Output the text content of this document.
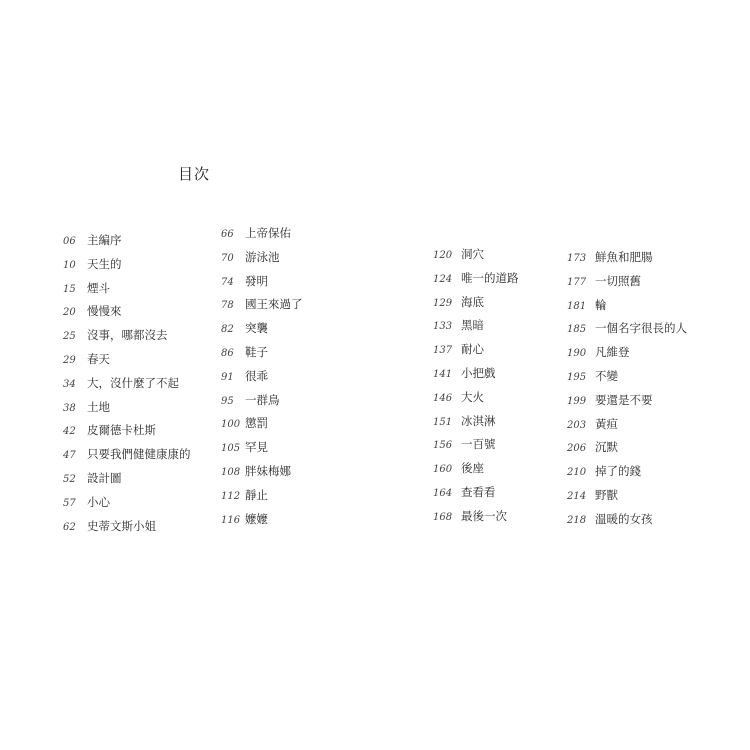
目次
06 主編序
10 天生的
15 煙斗
20 慢慢來
25 沒事，哪都沒去
29 春天
34 大，沒什麼了不起
38 土地
42 皮爾德卡杜斯
47 只要我們健健康康的
52 設計圖
57 小心
62 史蒂文斯小姐
66 上帝保佑
70 游泳池
74 發明
78 國王來過了
82 突襲
86 鞋子
91 很乖
95 一群鳥
100 懲罰
105 罕見
108 胖妹梅娜
112 靜止
116 嬤嬤
120 洞穴
124 唯一的道路
129 海底
133 黑暗
137 耐心
141 小把戲
146 大火
151 冰淇淋
156 一百號
160 後座
164 查看看
168 最後一次
173 鮮魚和肥腸
177 一切照舊
181 輪
185 一個名字很長的人
190 凡維登
195 不變
199 要還是不要
203 黃疸
206 沉默
210 掉了的錢
214 野獸
218 溫暖的女孩
